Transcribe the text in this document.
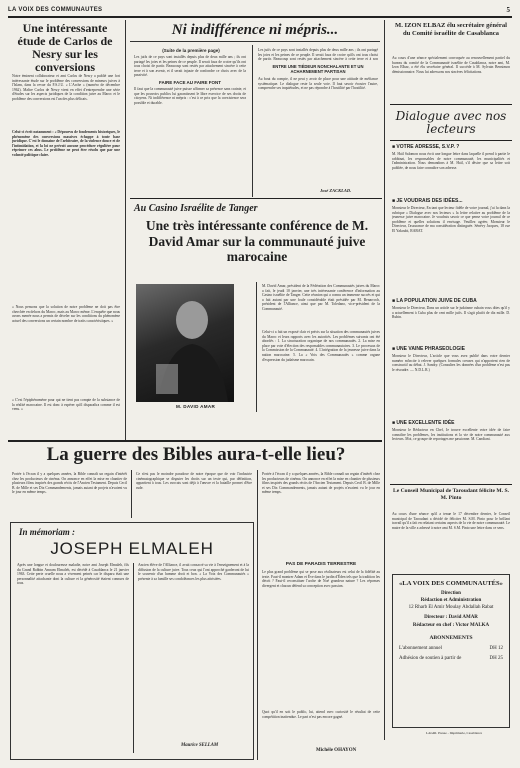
LA VOIX DES COMMUNAUTES	5
Une intéressante étude de Carlos de Nesry sur les conversions
Notre éminent collaborateur et ami Carlos de Nesry a publié une fort intéressante étude sur le problème des conversions de mineurs juives à l'Islam, dans la revue du F.S.J.U. « L'Arche » (numéro de décembre 1962). Maître Carlos de Nesry vient en effet d'entreprendre une série d'études sur les aspects juridiques de la condition juive au Maroc et le problème des conversions est l'un des plus délicats.
Celui-ci écrit notamment : « Dépourvu de fondements historiques, le phénomène des conversions massives échappe à toute base juridique. C'est le domaine de l'arbitraire, de la violence douce et de l'intimidation, et la loi ne prévoit aucune procédure régulière pour réprimer ces abus. Le problème ne peut être résolu que par une volonté politique claire.
« Nous pensons que la solution de notre problème ne doit pas être cherchée en dehors du Maroc, mais au Maroc même. L'enquête que nous avons menée nous a permis de déceler sur les conditions du phénomène actuel des conversions un certain nombre de traits caractéristiques. »
« C'est l'épiphénomène pour qui ne tient pas compte de la substance de la réalité marocaine. Il est donc à espérer qu'il disparaîtra comme il est venu. »
Ni indifférence ni mépris...
(Suite de la première page)
Les juifs de ce pays sont installés depuis plus de deux mille ans ; ils ont partagé les joies et les peines de ce peuple. Il serait faux de croire qu'ils ont tous choisi de partir. Beaucoup sont restés par attachement sincère à cette terre et à son avenir, et il serait injuste de confondre ce choix avec de la passivité.
FAIRE FACE AU FAIRE FONT
Il faut que la communauté juive puisse affirmer sa présence sans crainte, et que les pouvoirs publics lui garantissent le libre exercice de ses droits de citoyens. Ni indifférence ni mépris : c'est à ce prix que la coexistence sera possible et durable.
Les juifs de ce pays sont installés depuis plus de deux mille ans ; ils ont partagé les joies et les peines de ce peuple. Il serait faux de croire qu'ils ont tous choisi de partir. Beaucoup sont restés par attachement sincère à cette terre et à son
ENTRE UNE TIÉDEUR NONCHALANTE ET UN ACHARNEMENT PARTISAN
Au bout du compte, il ne peut y avoir de place pour une attitude de méfiance systématique. Le dialogue reste la seule voie. Il faut savoir écouter l'autre, comprendre ses inquiétudes, et ne pas répondre à l'hostilité par l'hostilité.
José ZACKLAD.
Au Casino Israélite de Tanger
Une très intéressante conférence de M. David Amar sur la communauté juive marocaine
M. DAVID AMAR
M. David Amar, président de la Fédération des Communautés juives du Maroc a fait, le jeudi 10 janvier, une très intéressante conférence d'information au Casino israélite de Tanger. Cette réunion qui a connu un immense succès et qui a fait autant par une foule considérable était présidée par M. Benarroch, président de l'Alliance, ainsi que par M. Toledano, vice-président de la Communauté.
Celui-ci a fait un exposé clair et précis sur la situation des communautés juives du Maroc et leurs rapports avec les autorités. Les problèmes suivants ont été abordés : 1. La structuration organique de nos communautés. 2. La mise en place par voie d'élection des responsables communautaires. 3. Le processus de la Commission de la Communauté. 4. L'intégration de la jeunesse juive dans la nation marocaine. 5. La « Voix des Communautés » comme organe d'expression du judaïsme marocain.
M. IZON ELBAZ élu secrétaire général du Comité israélite de Casablanca
Au cours d'une séance spécialement convoquée au renouvellement partiel du bureau du comité de la Communauté israélite de Casablanca, notre ami, M. Izon Elbaz, a été élu secrétaire général. Il succède à M. Sylvain Bensimon démissionnaire. Nous lui adressons nos sincères félicitations.
Dialogue avec nos lecteurs
■ VOTRE ADRESSE, S.V.P. ?
M. Haïl Salomon nous écrit une longue lettre dans laquelle il prend à partie le rabbinat, les responsables de notre communauté, les municipalités et l'administration. Nous demandons à M. Haïl, s'il désire que sa lettre soit publiée, de nous faire connaître son adresse.
■ JE VOUDRAIS DES IDÉES...
Monsieur le Directeur, En tant que lecteur fidèle de votre journal, j'ai lu dans la rubrique « Dialogue avec nos lecteurs » la lettre relative au problème de la jeunesse juive marocaine. Je voudrais savoir ce que pense votre journal de ce problème et quelles solutions il envisage. Veuillez agréer, Monsieur le Directeur, l'assurance de ma considération distinguée. Sénévy Jacques, 18 rue El Yakoubi, RABAT.
■ LA POPULATION JUIVE DE CUBA
Monsieur le Directeur, Dans un article sur le judaïsme cubain vous dites qu'il y a actuellement à Cuba plus de cent mille juifs. Il s'agit plutôt de dix mille. D. Rubin.
■ UNE VAINE PHRASEOLOGIE
Monsieur le Directeur, L'article que vous avez publié dans votre dernier numéro m'incite à relever quelques formules creuses qui n'apportent rien de constructif au débat. J. Sandry. (Consultez les données d'un problème n'est pas le résoudre. — N.D.L.R.)
■ UNE EXCELLENTE IDÉE
Monsieur le Rédacteur en Chef, Je trouve excellente votre idée de faire connaître les problèmes, les institutions et la vie de notre communauté aux lecteurs. Moi, ce groupe de reportages me passionne. M. Candiani.
Le Conseil Municipal de Taroudant félicite M. S. M. Pinto
Au cours d'une séance qu'il a tenue le 17 décembre dernier, le Conseil municipal de Taroudant a décidé de féliciter M. S.M. Pinto pour le brillant travail qu'il a fait en relatant certains aspects de la vie de notre communauté. Le maire de la ville a adressé à notre ami M. S.M. Pinto une lettre dans ce sens.
«LA VOIX DES COMMUNAUTÉS»
Direction
Rédaction et Administration
12 Rharb El Amir Moulay Abdallah Rabat
Directeur : David AMAR
Rédacteur en chef : Victor MALKA
ABONNEMENTS
L'abonnement annuel	DH 12
Adhésion de soutien à partir de	DH 25
LAGRI. Presse - Imprimerie, Casablanca
La guerre des Bibles aura-t-elle lieu?
Portée à l'écran il y a quelques années, la Bible connaît un regain d'intérêt chez les producteurs de cinéma. On annonce en effet la mise en chantier de plusieurs films inspirés des grands récits de l'Ancien Testament. Depuis Cecil B. de Mille et ses Dix Commandements, jamais autant de projets n'avaient vu le jour en même temps.
Ce n'est pas le moindre paradoxe de notre époque que de voir l'industrie cinématographique se disputer les droits sur un texte qui, par définition, appartient à tous. Les avocats sont déjà à l'œuvre et la bataille promet d'être rude.
Portée à l'écran il y a quelques années, la Bible connaît un regain d'intérêt chez les producteurs de cinéma. On annonce en effet la mise en chantier de plusieurs films inspirés des grands récits de l'Ancien Testament. Depuis Cecil B. de Mille et ses Dix Commandements, jamais autant de projets n'avaient vu le jour en même temps.
PAS DE PARADIS TERRESTRE
Le plus grand problème qui se pose aux réalisateurs est celui de la fidélité au texte. Faut-il montrer Adam et Ève dans le jardin d'Éden tels que la tradition les décrit ? Faut-il reconstituer l'arche de Noé grandeur nature ? Les réponses divergent et chacun défend sa conception avec passion.
Quoi qu'il en soit le public, lui, attend avec curiosité le résultat de cette compétition inattendue. Le pari n'est pas encore gagné.
Michèle OHAYON
In mémoriam :
JOSEPH ELMALEH
Après une longue et douloureuse maladie, notre ami Joseph Elmaleh, fils du Grand Rabbin Amram Elmaleh, est décédé à Casablanca le 21 janvier 1963. Cette perte cruelle nous a vivement peinés car le disparu était une personnalité attachante dont la culture et la générosité étaient connues de tous.
Ancien élève de l'Alliance, il avait consacré sa vie à l'enseignement et à la diffusion de la culture juive. Tous ceux qui l'ont approché garderont de lui le souvenir d'un homme droit et bon. « La Voix des Communautés » présente à sa famille ses condoléances les plus attristées.
Maurice SELLAM
